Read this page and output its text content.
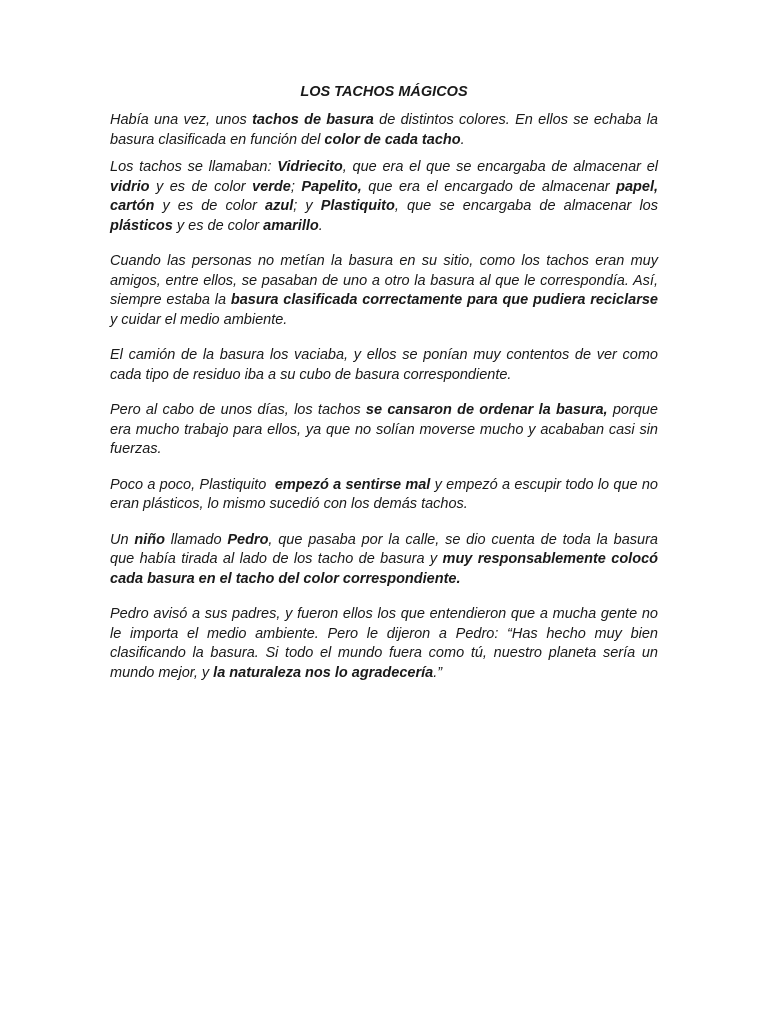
LOS TACHOS MÁGICOS

Había una vez, unos tachos de basura de distintos colores. En ellos se echaba la basura clasificada en función del color de cada tacho.

Los tachos se llamaban: Vidriecito, que era el que se encargaba de almacenar el vidrio y es de color verde; Papelito, que era el encargado de almacenar papel, cartón y es de color azul; y Plastiquito, que se encargaba de almacenar los plásticos y es de color amarillo.

Cuando las personas no metían la basura en su sitio, como los tachos eran muy amigos, entre ellos, se pasaban de uno a otro la basura al que le correspondía. Así, siempre estaba la basura clasificada correctamente para que pudiera reciclarse y cuidar el medio ambiente.

El camión de la basura los vaciaba, y ellos se ponían muy contentos de ver como cada tipo de residuo iba a su cubo de basura correspondiente.

Pero al cabo de unos días, los tachos se cansaron de ordenar la basura, porque era mucho trabajo para ellos, ya que no solían moverse mucho y acababan casi sin fuerzas.

Poco a poco, Plastiquito  empezó a sentirse mal y empezó a escupir todo lo que no eran plásticos, lo mismo sucedió con los demás tachos.

Un niño llamado Pedro, que pasaba por la calle, se dio cuenta de toda la basura que había tirada al lado de los tacho de basura y muy responsablemente colocó cada basura en el tacho del color correspondiente.

Pedro avisó a sus padres, y fueron ellos los que entendieron que a mucha gente no le importa el medio ambiente. Pero le dijeron a Pedro: “Has hecho muy bien clasificando la basura. Si todo el mundo fuera como tú, nuestro planeta sería un mundo mejor, y la naturaleza nos lo agradecería.”
